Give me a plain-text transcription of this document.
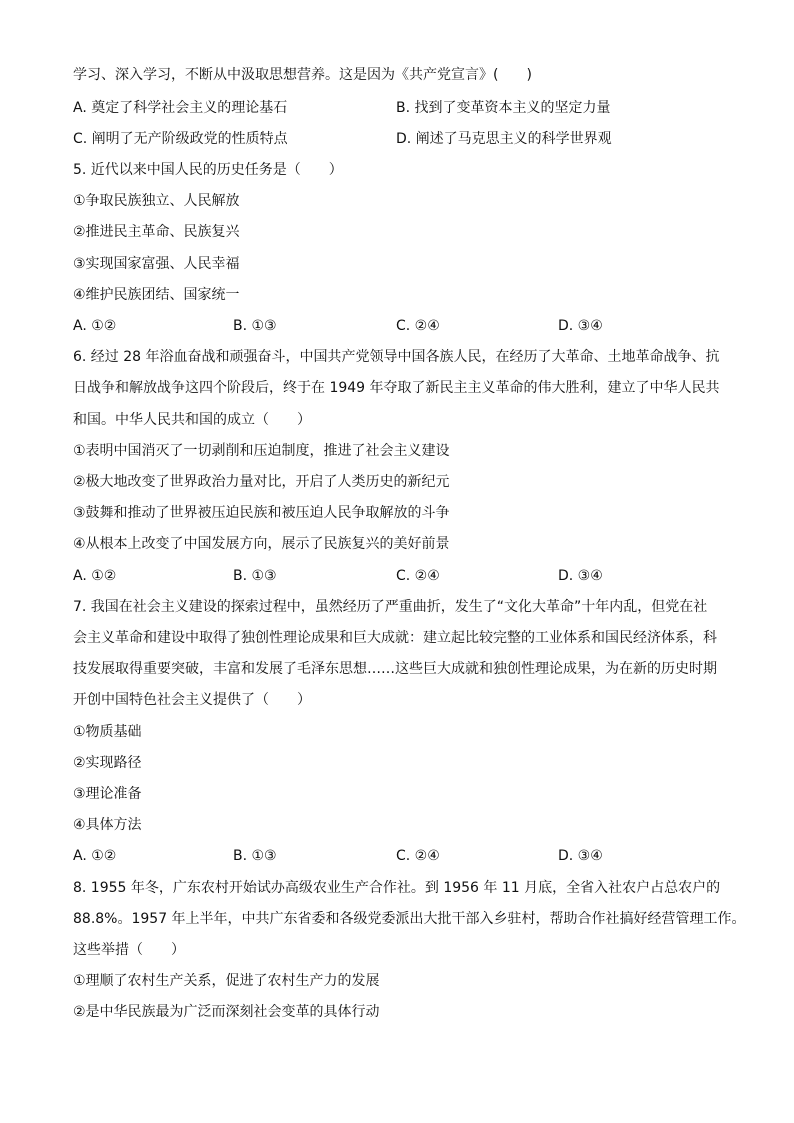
学习、深入学习，不断从中汲取思想营养。这是因为《共产党宣言》(　　)
A. 奠定了科学社会主义的理论基石	B. 找到了变革资本主义的坚定力量
C. 阐明了无产阶级政党的性质特点	D. 阐述了马克思主义的科学世界观
5. 近代以来中国人民的历史任务是（　　）
①争取民族独立、人民解放
②推进民主革命、民族复兴
③实现国家富强、人民幸福
④维护民族团结、国家统一
A. ①②	B. ①③	C. ②④	D. ③④
6. 经过 28 年浴血奋战和顽强奋斗，中国共产党领导中国各族人民，在经历了大革命、土地革命战争、抗
日战争和解放战争这四个阶段后，终于在 1949 年夺取了新民主主义革命的伟大胜利，建立了中华人民共
和国。中华人民共和国的成立（　　）
①表明中国消灭了一切剥削和压迫制度，推进了社会主义建设
②极大地改变了世界政治力量对比，开启了人类历史的新纪元
③鼓舞和推动了世界被压迫民族和被压迫人民争取解放的斗争
④从根本上改变了中国发展方向，展示了民族复兴的美好前景
A. ①②	B. ①③	C. ②④	D. ③④
7. 我国在社会主义建设的探索过程中，虽然经历了严重曲折，发生了“文化大革命”十年内乱，但党在社
会主义革命和建设中取得了独创性理论成果和巨大成就：建立起比较完整的工业体系和国民经济体系，科
技发展取得重要突破，丰富和发展了毛泽东思想……这些巨大成就和独创性理论成果，为在新的历史时期
开创中国特色社会主义提供了（　　）
①物质基础
②实现路径
③理论准备
④具体方法
A. ①②	B. ①③	C. ②④	D. ③④
8. 1955 年冬，广东农村开始试办高级农业生产合作社。到 1956 年 11 月底，全省入社农户占总农户的
88.8%。1957 年上半年，中共广东省委和各级党委派出大批干部入乡驻村，帮助合作社搞好经营管理工作。
这些举措（　　）
①理顺了农村生产关系，促进了农村生产力的发展
②是中华民族最为广泛而深刻社会变革的具体行动
